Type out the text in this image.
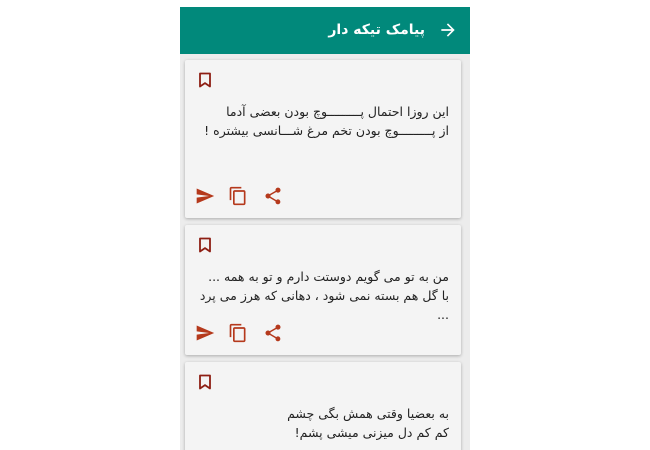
پیامک تیکه دار
این روزا احتمال پـــــــــوچ بودن بعضی آدما
از پـــــــــوچ بودن تخم مرغ شـــانسی بیشتره !
من به تو می گویم دوستت دارم و تو به همه ...
با گل هم بسته نمی شود ، دهانی که هرز می پرد ...
به بعضیا وقتی همش بگی چشم
کم کم دل میزنی میشی پشم!
